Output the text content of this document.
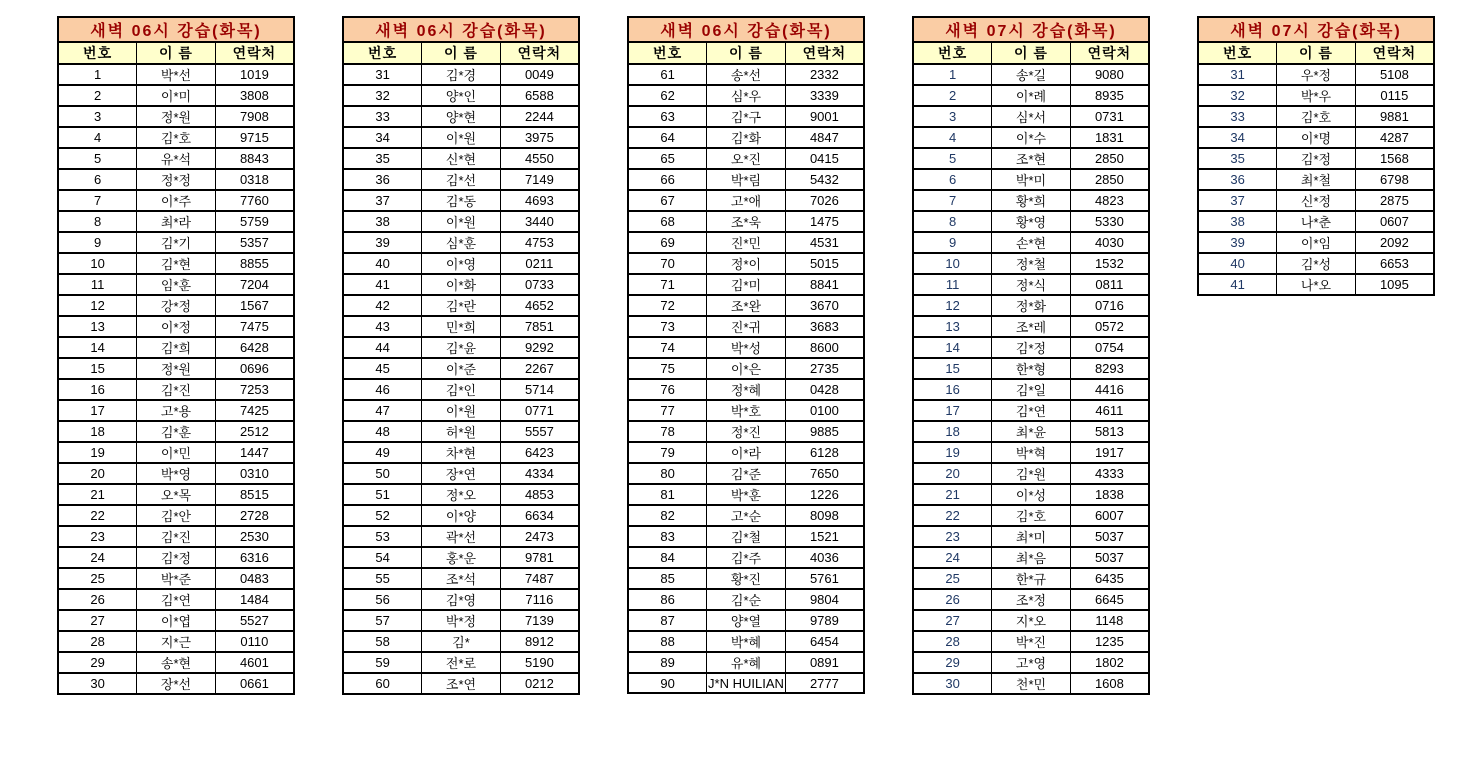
새벽 06시 강습(화목)		
번호	이 름	연락처
1	박*선	1019
2	이*미	3808
3	정*원	7908
4	김*호	9715
5	유*석	8843
6	정*정	0318
7	이*주	7760
8	최*라	5759
9	김*기	5357
10	김*현	8855
11	임*훈	7204
12	강*정	1567
13	이*정	7475
14	김*희	6428
15	정*원	0696
16	김*진	7253
17	고*용	7425
18	김*훈	2512
19	이*민	1447
20	박*영	0310
21	오*목	8515
22	김*안	2728
23	김*진	2530
24	김*정	6316
25	박*준	0483
26	김*연	1484
27	이*엽	5527
28	지*근	0110
29	송*현	4601
30	장*선	0661
새벽 06시 강습(화목)		
번호	이 름	연락처
31	김*경	0049
32	양*인	6588
33	양*현	2244
34	이*원	3975
35	신*현	4550
36	김*선	7149
37	김*동	4693
38	이*원	3440
39	심*훈	4753
40	이*영	0211
41	이*화	0733
42	김*란	4652
43	민*희	7851
44	김*윤	9292
45	이*준	2267
46	김*인	5714
47	이*원	0771
48	허*원	5557
49	차*현	6423
50	장*연	4334
51	정*오	4853
52	이*양	6634
53	곽*선	2473
54	홍*운	9781
55	조*석	7487
56	김*영	7116
57	박*정	7139
58	김*	8912
59	전*로	5190
60	조*연	0212
새벽 06시 강습(화목)		
번호	이 름	연락처
61	송*선	2332
62	심*우	3339
63	김*구	9001
64	김*화	4847
65	오*진	0415
66	박*림	5432
67	고*애	7026
68	조*욱	1475
69	진*민	4531
70	정*이	5015
71	김*미	8841
72	조*완	3670
73	진*귀	3683
74	박*성	8600
75	이*은	2735
76	정*혜	0428
77	박*호	0100
78	정*진	9885
79	이*라	6128
80	김*준	7650
81	박*훈	1226
82	고*순	8098
83	김*철	1521
84	김*주	4036
85	황*진	5761
86	김*순	9804
87	양*열	9789
88	박*혜	6454
89	유*혜	0891
90	J*N HUILIAN	2777
새벽 07시 강습(화목)		
번호	이 름	연락처
1	송*길	9080
2	이*례	8935
3	심*서	0731
4	이*수	1831
5	조*현	2850
6	박*미	2850
7	황*희	4823
8	황*영	5330
9	손*현	4030
10	정*철	1532
11	정*식	0811
12	정*화	0716
13	조*레	0572
14	김*정	0754
15	한*형	8293
16	김*일	4416
17	김*연	4611
18	최*윤	5813
19	박*혁	1917
20	김*원	4333
21	이*성	1838
22	김*호	6007
23	최*미	5037
24	최*음	5037
25	한*규	6435
26	조*정	6645
27	지*오	1148
28	박*진	1235
29	고*영	1802
30	천*민	1608
새벽 07시 강습(화목)		
번호	이 름	연락처
31	우*정	5108
32	박*우	0115
33	김*호	9881
34	이*명	4287
35	김*정	1568
36	최*철	6798
37	신*정	2875
38	나*춘	0607
39	이*임	2092
40	김*성	6653
41	나*오	1095
